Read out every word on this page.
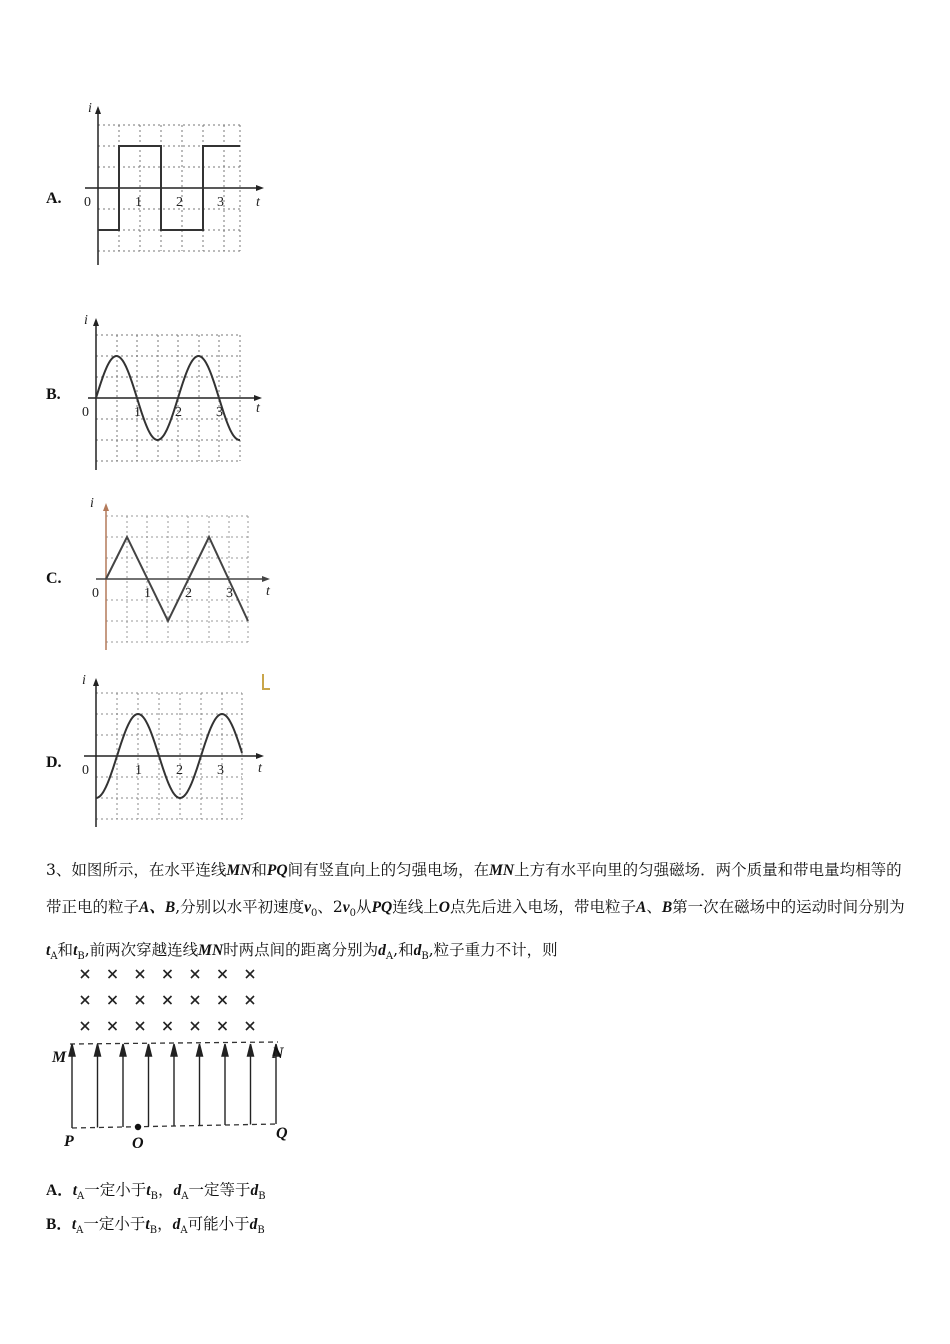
A.
B.
C.
D.
i
t
0	1 2 3
i
t
0	1 2 3
i
t
0	1 2 3
i
t
0	1 2 3
3、如图所示，在水平连线MN和PQ间有竖直向上的匀强电场，在MN上方有水平向里的匀强磁场．两个质量和带电量均相等的带正电的粒子A、B,分别以水平初速度$v_0$、$2v_0$从PQ连线上O点先后进入电场，带电粒子A、B第一次在磁场中的运动时间分别为$t_A$和$t_B$,前两次穿越连线MN时两点间的距离分别为$d_A$,和$d_B$,粒子重力不计，则
M	N
P	Q
O
A．$t_A$一定小于$t_B$，$d_A$一定等于$d_B$
B．$t_A$一定小于$t_B$，$d_A$可能小于$d_B$
